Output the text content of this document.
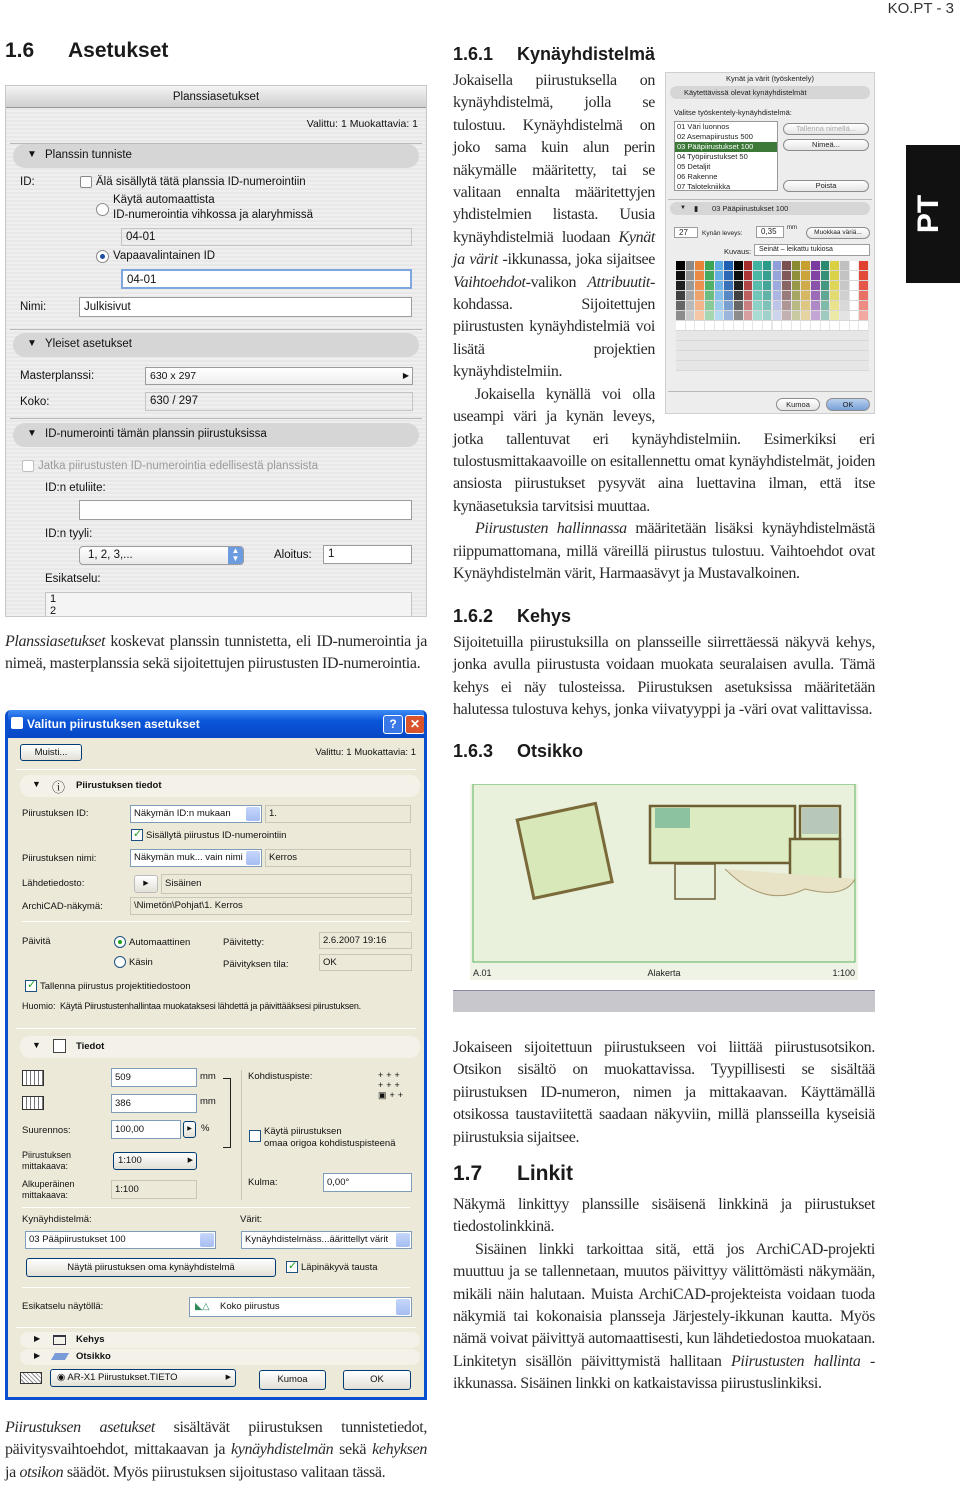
KO.PT - 3
PT
1.6 Asetukset
Planssiasetukset
Valittu: 1 Muokattavia: 1
▼ Planssin tunniste
ID:	Älä sisällytä tätä planssia ID-numerointiin
Käytä automaattista
ID-numerointia vihkossa ja alaryhmissä
04-01
Vapaavalintainen ID
04-01
Nimi:	Julkisivut
▼ Yleiset asetukset
Masterplanssi:	630 x 297	▶
Koko:	630 / 297
▼ ID-numerointi tämän planssin piirustuksissa
Jatka piirustusten ID-numerointia edellisestä planssista
ID:n etuliite:
ID:n tyyli:
1, 2, 3,...	▲
▼	Aloitus:	1
Esikatselu:
1
2

Planssiasetukset koskevat planssin tunnistetta, eli ID-numerointia ja nimeä, masterplanssia sekä sijoitettujen piirustusten ID-numerointia.

Valitun piirustuksen asetukset	?	✕
Muisti...	Valittu: 1 Muokattavia: 1
▼ ⓘ Piirustuksen tiedot
Piirustuksen ID:	Näkymän ID:n mukaan	1.
✓
Sisällytä piirustus ID-numerointiin
Piirustuksen nimi:	Näkymän muk... vain nimi	Kerros
Lähdetiedosto:	▶	Sisäinen
ArchiCAD-näkymä:	\Nimetön\Pohjat\1. Kerros
Päivitä	Automaattinen
Käsin
Päivitetty:	2.6.2007 19:16
Päivityksen tila:	OK
✓
Tallenna piirustus projektitiedostoon
Huomio: Käytä Piirustustenhallintaa muokataksesi lähdettä ja päivittääksesi piirustuksen.
▼	Tiedot
509	mm
386	mm
Suurennos:	100,00	▶ %
Kohdistuspiste:	+++
+++
▣++
Käytä piirustuksen
omaa origoa kohdistuspisteenä
Piirustuksen
mittakaava:	1:100	▶
Alkuperäinen
mittakaava:	1:100
Kulma:	0,00°
Kynäyhdistelmä:	Värit:
03 Pääpiirustukset 100	Kynäyhdistelmäss...äärittellyt värit
Näytä piirustuksen oma kynäyhdistelmä ✓	Läpinäkyvä tausta
Esikatselu näytöllä:	◣△ Koko piirustus
▶	Kehys
▶	Otsikko
◉ AR-X1 Piirustukset.TIETO	▶	Kumoa	OK

Piirustuksen asetukset sisältävät piirustuksen tunnistetiedot, päivitysvaihtoehdot, mittakaavan ja kynäyhdistelmän sekä kehyksen ja otsikon säädöt. Myös piirustuksen sijoitustaso valitaan tässä.

1.6.1 Kynäyhdistelmä
Kynät ja värit (työskentely)
Käytettävissä olevat kynäyhdistelmät
Valitse työskentely-kynäyhdistelmä:
01 Väri luonnos
02 Asemapiirustus 500
03 Pääpiirustukset 100
04 Työpiirustukset 50
05 Detaljit
06 Rakenne
07 Talotekniikka
Tallenna nimellä...
Nimeä...
Poista
▼ ▮ 03 Pääpiirustukset 100
27	Kynän leveys:	0,35	mm
Muokkaa väriä...
Kuvaus:	Seinät – leikattu tukiosa
Kumoa	OK

Jokaisella piirustuksella on kynäyhdistelmä, jolla se tulostuu. Kynäyhdistelmä on joko sama kuin alun perin näkymälle määritetty, tai se valitaan ennalta määritettyjen yhdistelmien listasta. Uusia kynäyhdistelmiä luodaan Kynät ja värit -ikkunassa, joka sijaitsee Vaihtoehdot-valikon Attribuutit-kohdassa. Sijoitettujen piirustusten kynäyhdistelmiä voi lisätä projektien kynäyhdistelmiin.

Jokaisella kynällä voi olla useampi väri ja kynän leveys, jotka tallentuvat eri kynäyhdistelmiin. Esimerkiksi eri tulostusmittakaavoille on esitallennettu omat kynäyhdistelmät, joiden ansiosta piirustukset pysyvät aina luettavina ilman, että itse kynäasetuksia tarvitsisi muuttaa.

Piirustusten hallinnassa määritetään lisäksi kynäyhdistelmästä riippumattomana, millä väreillä piirustus tulostuu. Vaihtoehdot ovat Kynäyhdistelmän värit, Harmaasävyt ja Mustavalkoinen.

1.6.2 Kehys

Sijoitetuilla piirustuksilla on plansseille siirrettäessä näkyvä kehys, jonka avulla piirustusta voidaan muokata seuralaisen avulla. Tämä kehys ei näy tulosteissa. Piirustuksen asetuksissa määritetään halutessa tulostuva kehys, jonka viivatyyppi ja -väri ovat valittavissa.

1.6.3 Otsikko
A.01	Alakerta	1:100

Jokaiseen sijoitettuun piirustukseen voi liittää piirustusotsikon. Otsikon sisältö on muokattavissa. Tyypillisesti se sisältää piirustuksen ID-numeron, nimen ja mittakaavan. Käyttämällä otsikossa taustaviitettä saadaan näkyviin, millä plansseilla kyseisiä piirustuksia sijaitsee.

1.7 Linkit

Näkymä linkittyy planssille sisäisenä linkkinä ja piirustukset tiedostolinkkinä.

Sisäinen linkki tarkoittaa sitä, että jos ArchiCAD-projekti muuttuu ja se tallennetaan, muutos päivittyy välittömästi näkymään, mikäli näin halutaan. Muista ArchiCAD-projekteista voidaan tuoda näkymiä tai kokonaisia plansseja Järjestely-ikkunan kautta. Myös nämä voivat päivittyä automaattisesti, kun lähdetiedostoa muokataan. Linkitetyn sisällön päivittymistä hallitaan Piirustusten hallinta -ikkunassa. Sisäinen linkki on katkaistavissa piirustuslinkiksi.
